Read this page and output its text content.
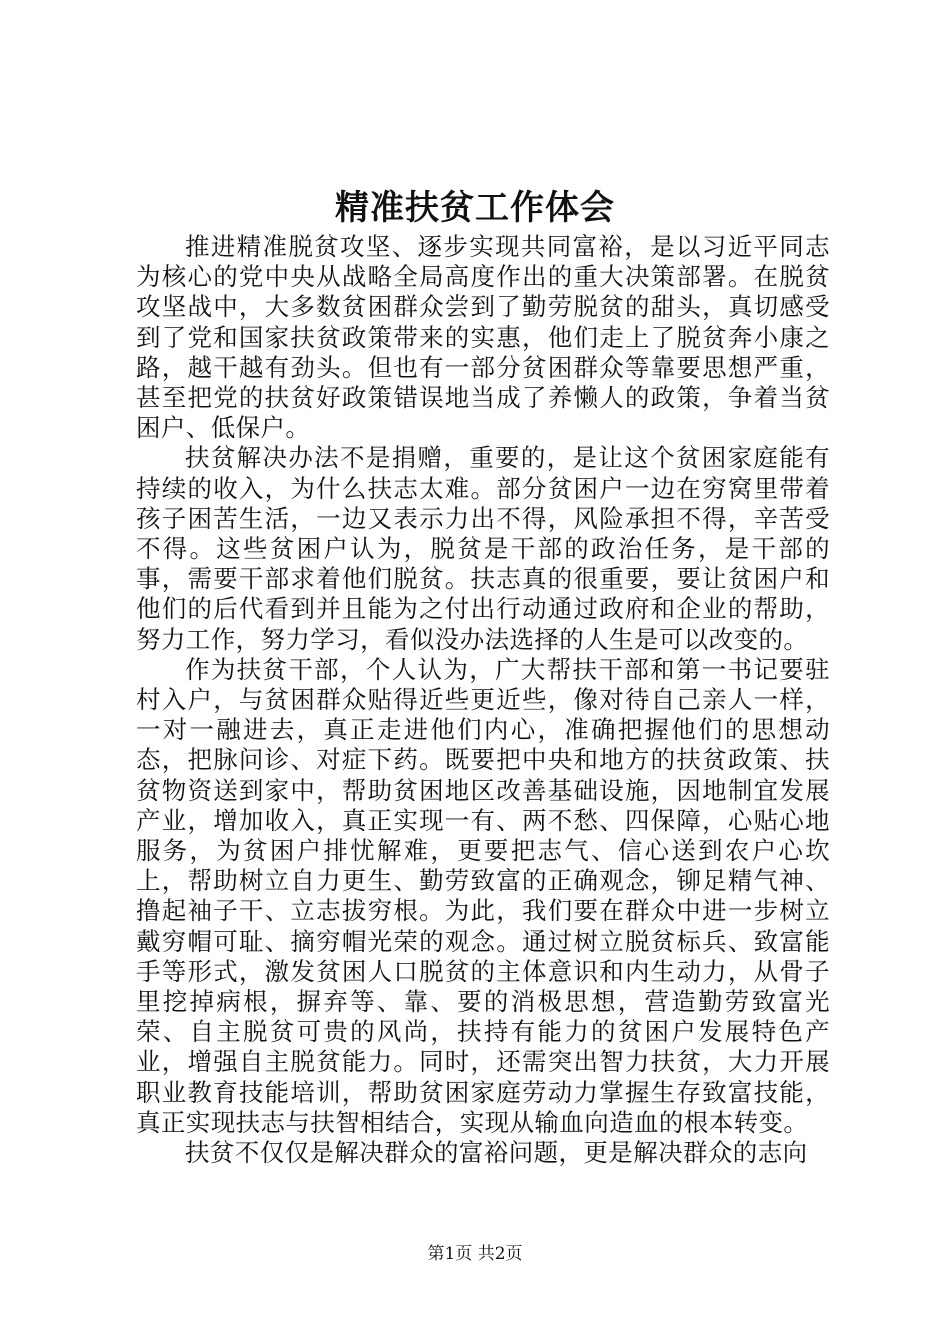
精准扶贫工作体会

推进精准脱贫攻坚、逐步实现共同富裕，是以习近平同志为核心的党中央从战略全局高度作出的重大决策部署。在脱贫攻坚战中，大多数贫困群众尝到了勤劳脱贫的甜头，真切感受到了党和国家扶贫政策带来的实惠，他们走上了脱贫奔小康之路，越干越有劲头。但也有一部分贫困群众等靠要思想严重，甚至把党的扶贫好政策错误地当成了养懒人的政策，争着当贫困户、低保户。

扶贫解决办法不是捐赠，重要的，是让这个贫困家庭能有持续的收入，为什么扶志太难。部分贫困户一边在穷窝里带着孩子困苦生活，一边又表示力出不得，风险承担不得，辛苦受不得。这些贫困户认为，脱贫是干部的政治任务，是干部的事，需要干部求着他们脱贫。扶志真的很重要，要让贫困户和他们的后代看到并且能为之付出行动通过政府和企业的帮助，努力工作，努力学习，看似没办法选择的人生是可以改变的。

作为扶贫干部，个人认为，广大帮扶干部和第一书记要驻村入户，与贫困群众贴得近些更近些，像对待自己亲人一样，一对一融进去，真正走进他们内心，准确把握他们的思想动态，把脉问诊、对症下药。既要把中央和地方的扶贫政策、扶贫物资送到家中，帮助贫困地区改善基础设施，因地制宜发展产业，增加收入，真正实现一有、两不愁、四保障，心贴心地服务，为贫困户排忧解难，更要把志气、信心送到农户心坎上，帮助树立自力更生、勤劳致富的正确观念，铆足精气神、撸起袖子干、立志拔穷根。为此，我们要在群众中进一步树立戴穷帽可耻、摘穷帽光荣的观念。通过树立脱贫标兵、致富能手等形式，激发贫困人口脱贫的主体意识和内生动力，从骨子里挖掉病根，摒弃等、靠、要的消极思想，营造勤劳致富光荣、自主脱贫可贵的风尚，扶持有能力的贫困户发展特色产业，增强自主脱贫能力。同时，还需突出智力扶贫，大力开展职业教育技能培训，帮助贫困家庭劳动力掌握生存致富技能，真正实现扶志与扶智相结合，实现从输血向造血的根本转变。

扶贫不仅仅是解决群众的富裕问题，更是解决群众的志向

第1页 共2页
